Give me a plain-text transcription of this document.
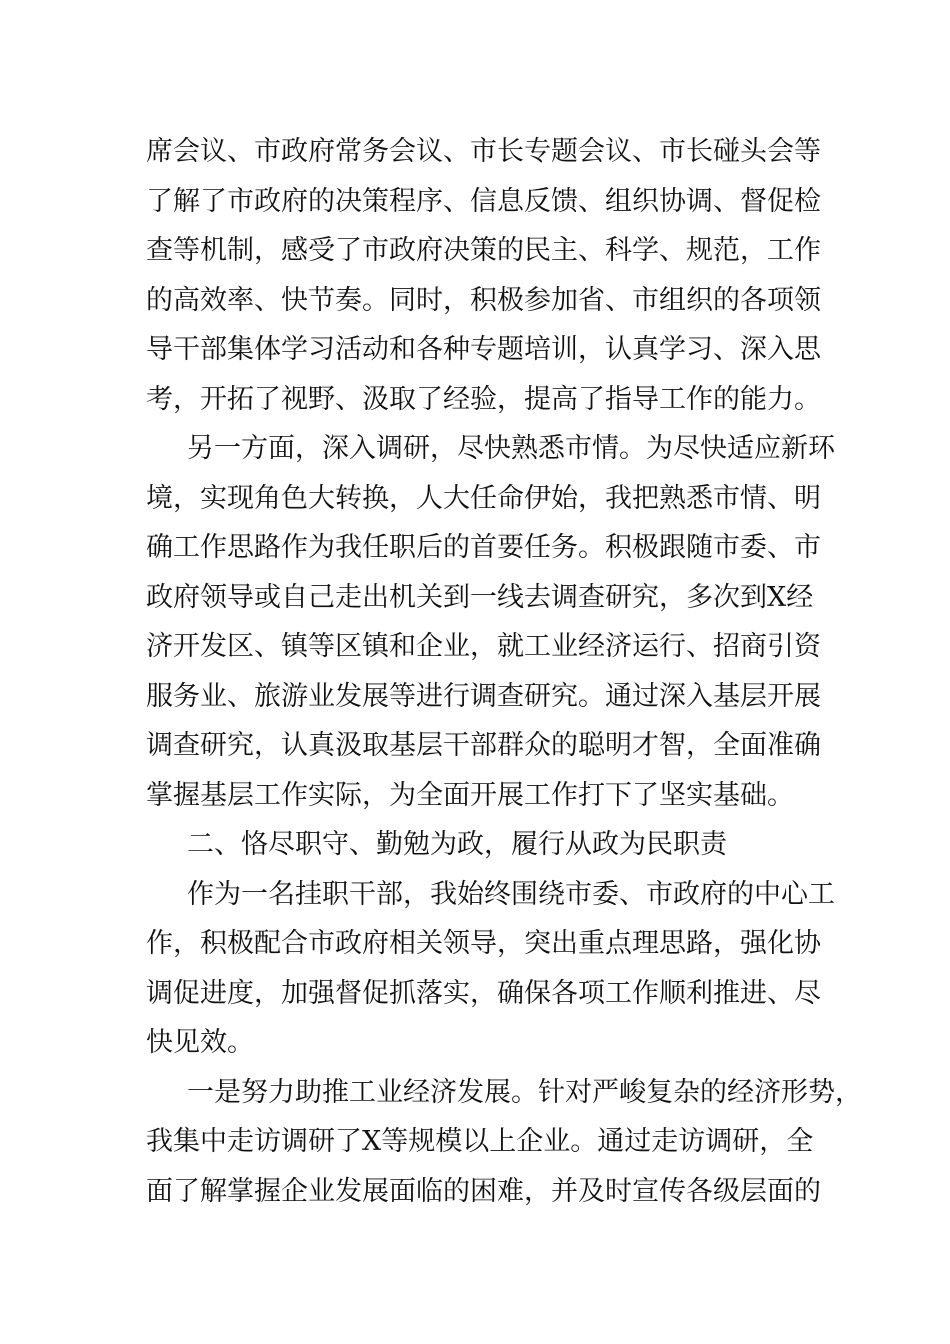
席会议、市政府常务会议、市长专题会议、市长碰头会等
了解了市政府的决策程序、信息反馈、组织协调、督促检
查等机制，感受了市政府决策的民主、科学、规范，工作
的高效率、快节奏。同时，积极参加省、市组织的各项领
导干部集体学习活动和各种专题培训，认真学习、深入思
考，开拓了视野、汲取了经验，提高了指导工作的能力。
另一方面，深入调研，尽快熟悉市情。为尽快适应新环
境，实现角色大转换，人大任命伊始，我把熟悉市情、明
确工作思路作为我任职后的首要任务。积极跟随市委、市
政府领导或自己走出机关到一线去调查研究，多次到X经
济开发区、镇等区镇和企业，就工业经济运行、招商引资
服务业、旅游业发展等进行调查研究。通过深入基层开展
调查研究，认真汲取基层干部群众的聪明才智，全面准确
掌握基层工作实际，为全面开展工作打下了坚实基础。
二、恪尽职守、勤勉为政，履行从政为民职责
作为一名挂职干部，我始终围绕市委、市政府的中心工
作，积极配合市政府相关领导，突出重点理思路，强化协
调促进度，加强督促抓落实，确保各项工作顺利推进、尽
快见效。
一是努力助推工业经济发展。针对严峻复杂的经济形势，
我集中走访调研了X等规模以上企业。通过走访调研，全
面了解掌握企业发展面临的困难，并及时宣传各级层面的
